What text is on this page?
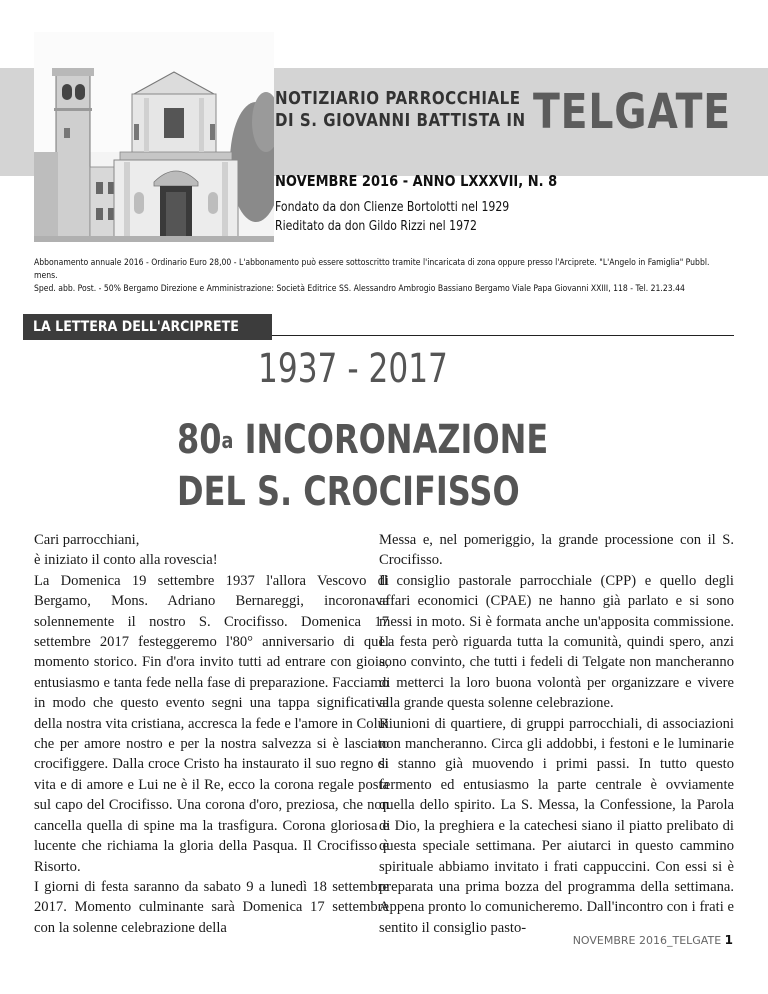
NOTIZIARIO PARROCCHIALE
DI S. GIOVANNI BATTISTA IN TELGATE
NOVEMBRE 2016 - ANNO LXXXVII, N. 8
Fondato da don Clienze Bortolotti nel 1929
Rieditato da don Gildo Rizzi nel 1972
Abbonamento annuale 2016 - Ordinario Euro 28,00 - L'abbonamento può essere sottoscritto tramite l'incaricata di zona oppure presso l'Arciprete. "L'Angelo in Famiglia" Pubbl. mens.
Sped. abb. Post. - 50% Bergamo Direzione e Amministrazione: Società Editrice SS. Alessandro Ambrogio Bassiano Bergamo Viale Papa Giovanni XXIII, 118 - Tel. 21.23.44
LA LETTERA DELL'ARCIPRETE
1937 - 2017
80$^a$ INCORONAZIONE
DEL S. CROCIFISSO

Cari parrocchiani,

è iniziato il conto alla rovescia!

La Domenica 19 settembre 1937 l'allora Vescovo di Bergamo, Mons. Adriano Bernareggi, incoronava solennemente il nostro S. Crocifisso. Domenica 17 settembre 2017 festeggeremo l'80° anniversario di quel momento storico. Fin d'ora invito tutti ad entrare con gioia, entusiasmo e tanta fede nella fase di preparazione. Facciamo in modo che questo evento segni una tappa significativa della nostra vita cristiana, accresca la fede e l'amore in Colui che per amore nostro e per la nostra salvezza si è lasciato crocifiggere. Dalla croce Cristo ha instaurato il suo regno di vita e di amore e Lui ne è il Re, ecco la corona regale posta sul capo del Crocifisso. Una corona d'oro, preziosa, che non cancella quella di spine ma la trasfigura. Corona gloriosa e lucente che richiama la gloria della Pasqua. Il Crocifisso è Risorto.

I giorni di festa saranno da sabato 9 a lunedì 18 settembre 2017. Momento culminante sarà Domenica 17 settembre con la solenne celebrazione della

Messa e, nel pomeriggio, la grande processione con il S. Crocifisso.

Il consiglio pastorale parrocchiale (CPP) e quello degli affari economici (CPAE) ne hanno già parlato e si sono messi in moto. Si è formata anche un'apposita commissione. La festa però riguarda tutta la comunità, quindi spero, anzi sono convinto, che tutti i fedeli di Telgate non mancheranno di metterci la loro buona volontà per organizzare e vivere alla grande questa solenne celebrazione.

Riunioni di quartiere, di gruppi parrocchiali, di associazioni non mancheranno. Circa gli addobbi, i festoni e le luminarie si stanno già muovendo i primi passi. In tutto questo fermento ed entusiasmo la parte centrale è ovviamente quella dello spirito. La S. Messa, la Confessione, la Parola di Dio, la preghiera e la catechesi siano il piatto prelibato di questa speciale settimana. Per aiutarci in questo cammino spirituale abbiamo invitato i frati cappuccini. Con essi si è preparata una prima bozza del programma della settimana. Appena pronto lo comunicheremo. Dall'incontro con i frati e sentito il consiglio pasto-

NOVEMBRE 2016_TELGATE 1
